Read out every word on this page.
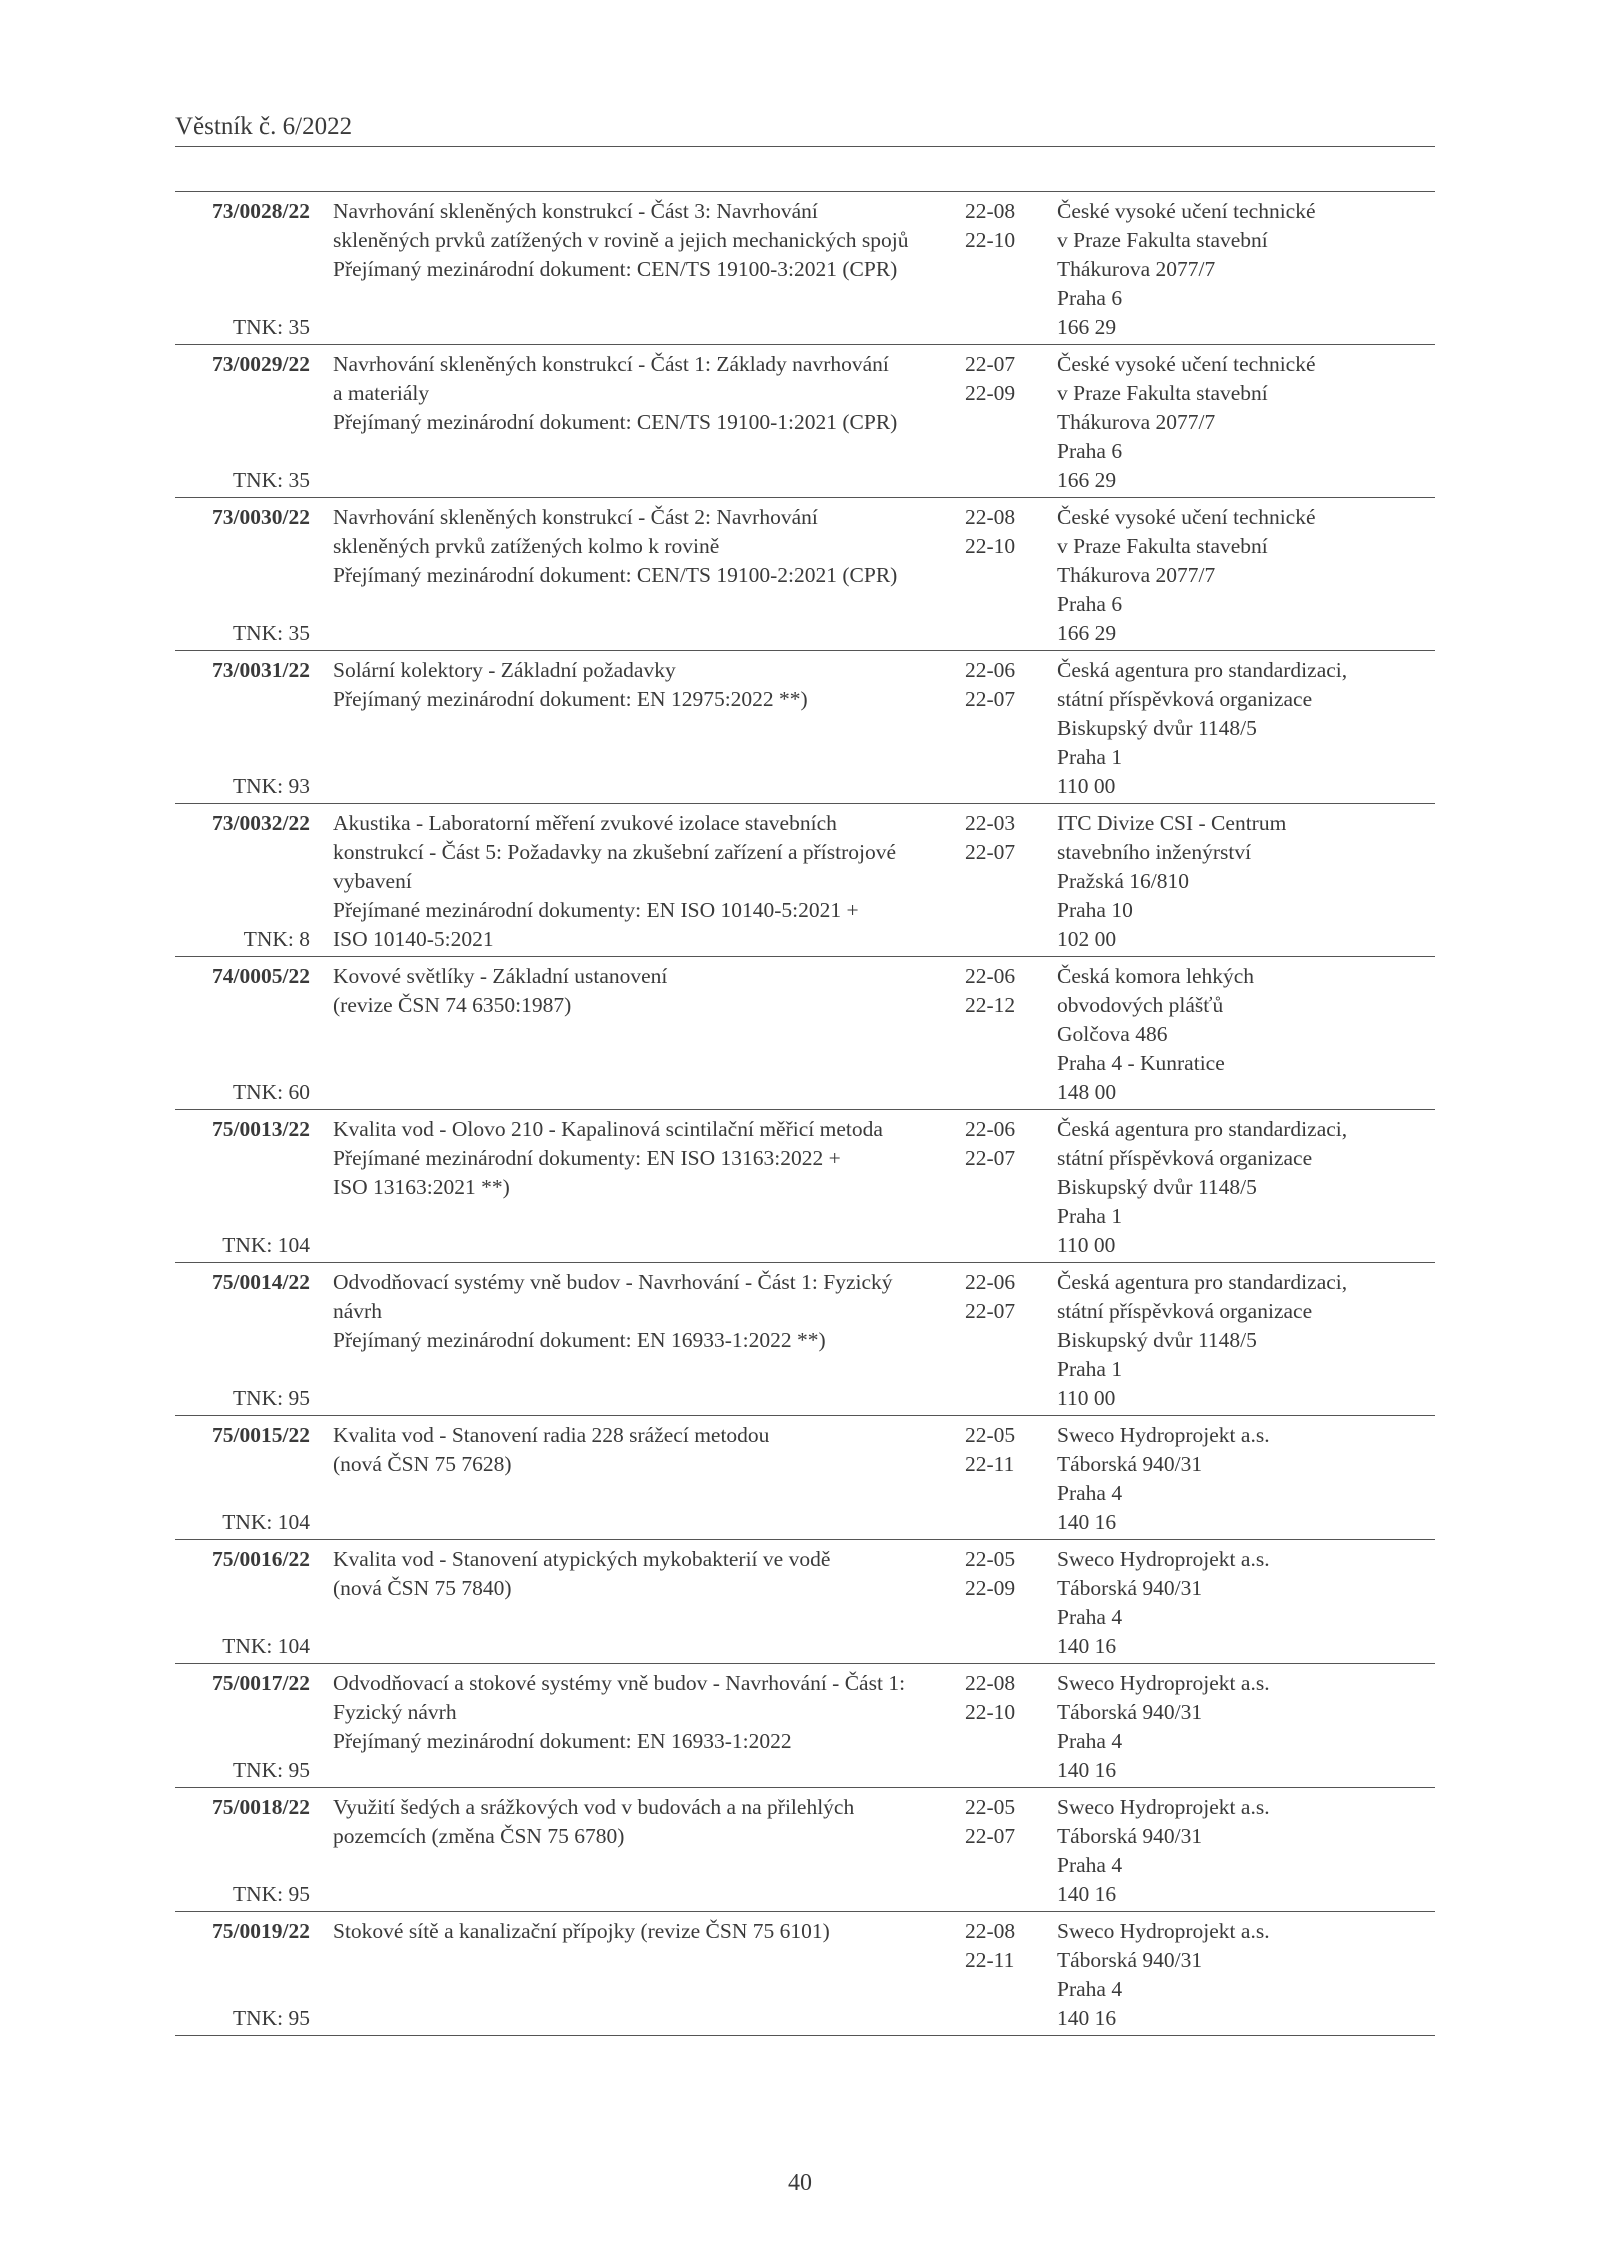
Věstník č. 6/2022
73/0028/22
TNK: 35
Navrhování skleněných konstrukcí - Část 3: Navrhování
skleněných prvků zatížených v rovině a jejich mechanických spojů
Přejímaný mezinárodní dokument: CEN/TS 19100-3:2021 (CPR)
22-08
22-10
České vysoké učení technické
v Praze Fakulta stavební
Thákurova 2077/7
Praha 6
166 29
73/0029/22
TNK: 35
Navrhování skleněných konstrukcí - Část 1: Základy navrhování
a materiály
Přejímaný mezinárodní dokument: CEN/TS 19100-1:2021 (CPR)
22-07
22-09
České vysoké učení technické
v Praze Fakulta stavební
Thákurova 2077/7
Praha 6
166 29
73/0030/22
TNK: 35
Navrhování skleněných konstrukcí - Část 2: Navrhování
skleněných prvků zatížených kolmo k rovině
Přejímaný mezinárodní dokument: CEN/TS 19100-2:2021 (CPR)
22-08
22-10
České vysoké učení technické
v Praze Fakulta stavební
Thákurova 2077/7
Praha 6
166 29
73/0031/22
TNK: 93
Solární kolektory - Základní požadavky
Přejímaný mezinárodní dokument: EN 12975:2022 **)
22-06
22-07
Česká agentura pro standardizaci,
státní příspěvková organizace
Biskupský dvůr 1148/5
Praha 1
110 00
73/0032/22
TNK: 8
Akustika - Laboratorní měření zvukové izolace stavebních
konstrukcí - Část 5: Požadavky na zkušební zařízení a přístrojové
vybavení
Přejímané mezinárodní dokumenty: EN ISO 10140-5:2021 +
ISO 10140-5:2021
22-03
22-07
ITC Divize CSI - Centrum
stavebního inženýrství
Pražská 16/810
Praha 10
102 00
74/0005/22
TNK: 60
Kovové světlíky - Základní ustanovení
(revize ČSN 74 6350:1987)
22-06
22-12
Česká komora lehkých
obvodových plášťů
Golčova 486
Praha 4 - Kunratice
148 00
75/0013/22
TNK: 104
Kvalita vod - Olovo 210 - Kapalinová scintilační měřicí metoda
Přejímané mezinárodní dokumenty: EN ISO 13163:2022 +
ISO 13163:2021 **)
22-06
22-07
Česká agentura pro standardizaci,
státní příspěvková organizace
Biskupský dvůr 1148/5
Praha 1
110 00
75/0014/22
TNK: 95
Odvodňovací systémy vně budov - Navrhování - Část 1: Fyzický
návrh
Přejímaný mezinárodní dokument: EN 16933-1:2022 **)
22-06
22-07
Česká agentura pro standardizaci,
státní příspěvková organizace
Biskupský dvůr 1148/5
Praha 1
110 00
75/0015/22
TNK: 104
Kvalita vod - Stanovení radia 228 srážecí metodou
(nová ČSN 75 7628)
22-05
22-11
Sweco Hydroprojekt a.s.
Táborská 940/31
Praha 4
140 16
75/0016/22
TNK: 104
Kvalita vod - Stanovení atypických mykobakterií ve vodě
(nová ČSN 75 7840)
22-05
22-09
Sweco Hydroprojekt a.s.
Táborská 940/31
Praha 4
140 16
75/0017/22
TNK: 95
Odvodňovací a stokové systémy vně budov - Navrhování - Část 1:
Fyzický návrh
Přejímaný mezinárodní dokument: EN 16933-1:2022
22-08
22-10
Sweco Hydroprojekt a.s.
Táborská 940/31
Praha 4
140 16
75/0018/22
TNK: 95
Využití šedých a srážkových vod v budovách a na přilehlých
pozemcích (změna ČSN 75 6780)
22-05
22-07
Sweco Hydroprojekt a.s.
Táborská 940/31
Praha 4
140 16
75/0019/22
TNK: 95
Stokové sítě a kanalizační přípojky (revize ČSN 75 6101)	22-08
22-11
Sweco Hydroprojekt a.s.
Táborská 940/31
Praha 4
140 16
40
